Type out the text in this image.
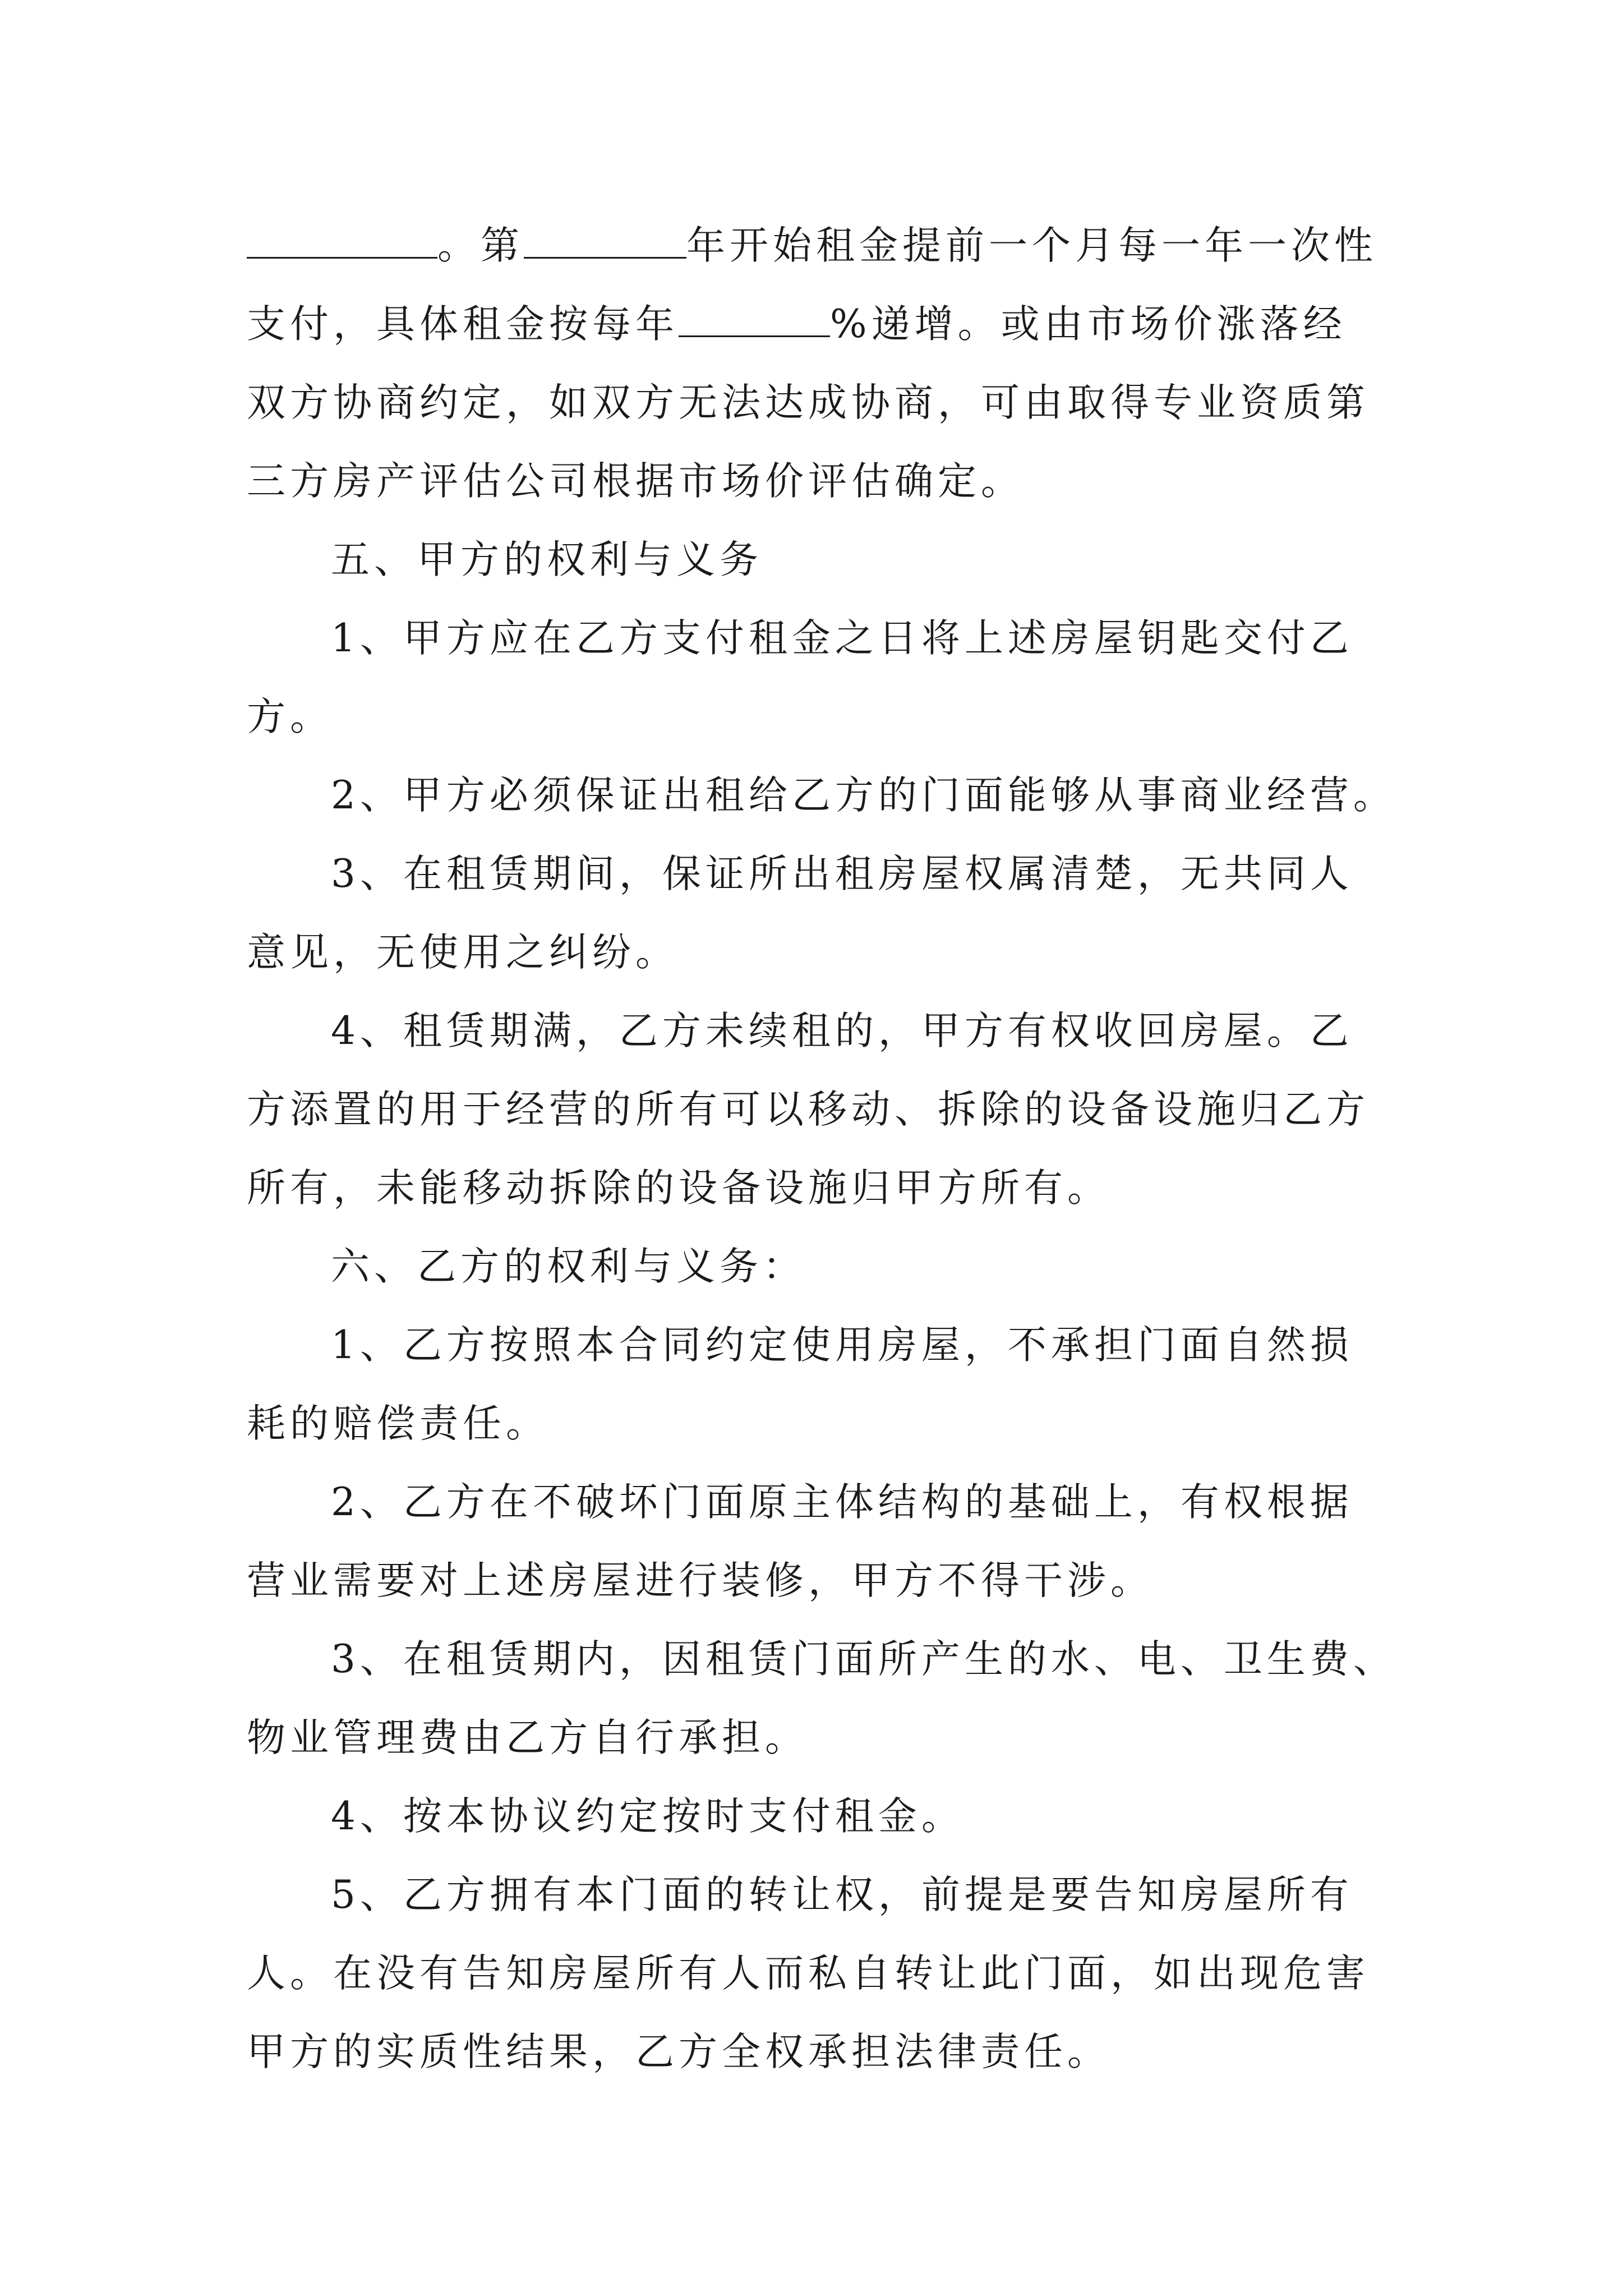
。第	年开始租金提前一个月每一年一次性
支付，具体租金按每年	%递增。或由市场价涨落经
双方协商约定，如双方无法达成协商，可由取得专业资质第
三方房产评估公司根据市场价评估确定。
五、甲方的权利与义务
1、甲方应在乙方支付租金之日将上述房屋钥匙交付乙
方。
2、甲方必须保证出租给乙方的门面能够从事商业经营。
3、在租赁期间，保证所出租房屋权属清楚，无共同人
意见，无使用之纠纷。
4、租赁期满，乙方未续租的，甲方有权收回房屋。乙
方添置的用于经营的所有可以移动、拆除的设备设施归乙方
所有，未能移动拆除的设备设施归甲方所有。
六、乙方的权利与义务：
1、乙方按照本合同约定使用房屋，不承担门面自然损
耗的赔偿责任。
2、乙方在不破坏门面原主体结构的基础上，有权根据
营业需要对上述房屋进行装修，甲方不得干涉。
3、在租赁期内，因租赁门面所产生的水、电、卫生费、
物业管理费由乙方自行承担。
4、按本协议约定按时支付租金。
5、乙方拥有本门面的转让权，前提是要告知房屋所有
人。在没有告知房屋所有人而私自转让此门面，如出现危害
甲方的实质性结果，乙方全权承担法律责任。
